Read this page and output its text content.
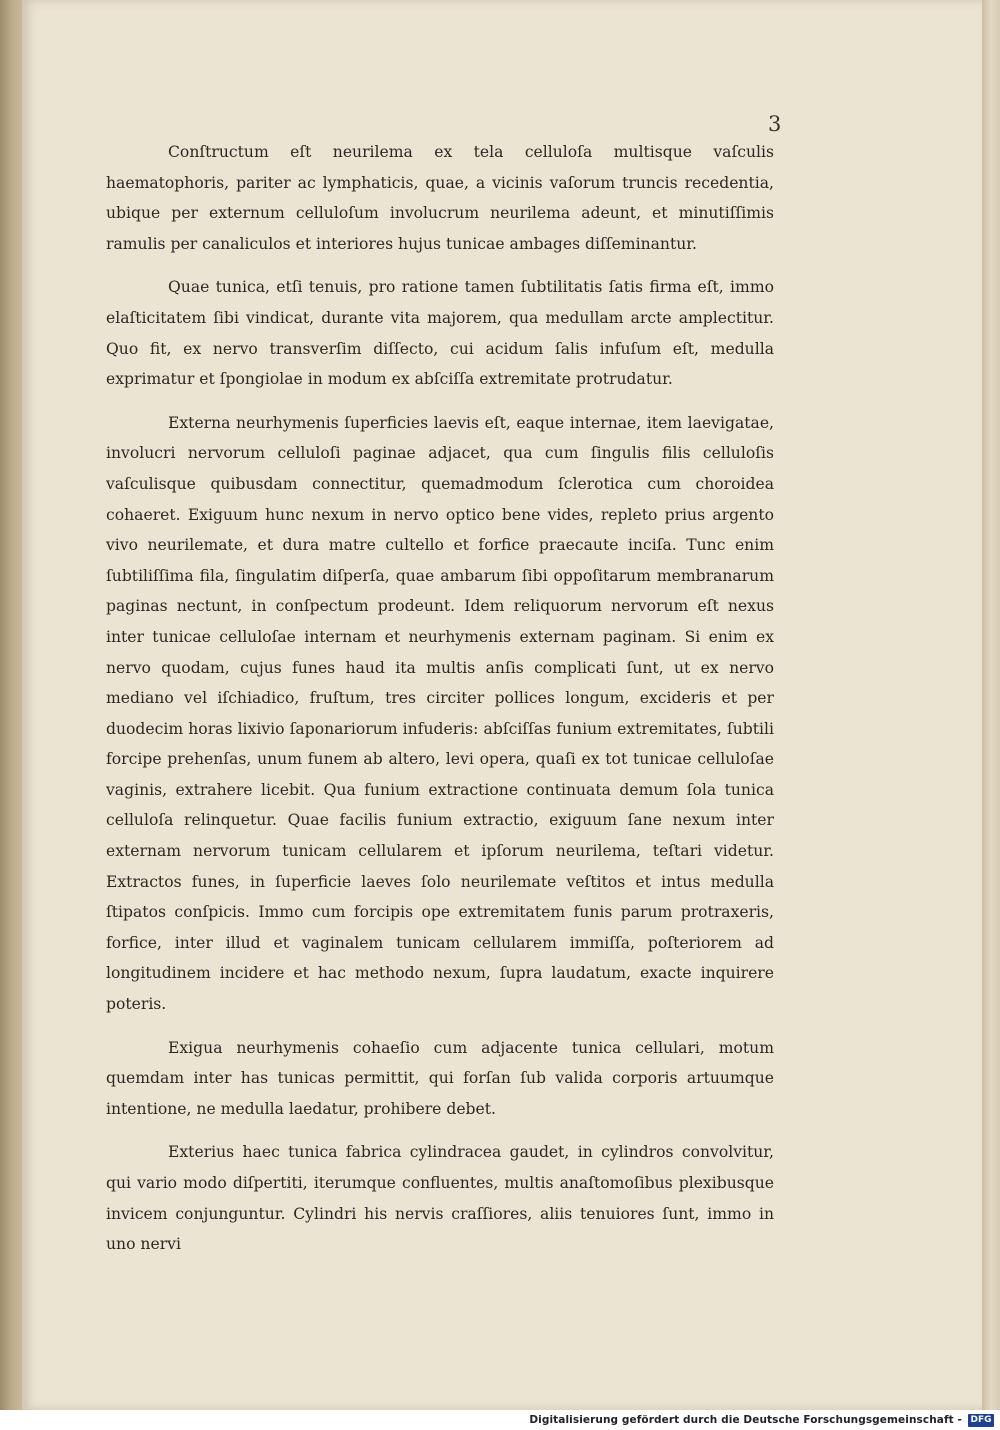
3

Conſtructum eſt neurilema ex tela celluloſa multisque vaſculis haematophoris, pariter ac lymphaticis, quae, a vicinis vaſorum truncis recedentia, ubique per externum celluloſum involucrum neurilema adeunt, et minutiſſimis ramulis per canaliculos et interiores hujus tunicae ambages diſſeminantur.

Quae tunica, etſi tenuis, pro ratione tamen ſubtilitatis ſatis firma eſt, immo elaſticitatem ſibi vindicat, durante vita majorem, qua medullam arcte amplectitur. Quo fit, ex nervo transverſim diſſecto, cui acidum ſalis infuſum eſt, medulla exprimatur et ſpongiolae in modum ex abſciſſa extremitate protrudatur.

Externa neurhymenis ſuperficies laevis eſt, eaque internae, item laevigatae, involucri nervorum celluloſi paginae adjacet, qua cum ſingulis filis celluloſis vaſculisque quibusdam connectitur, quemadmodum ſclerotica cum choroidea cohaeret. Exiguum hunc nexum in nervo optico bene vides, repleto prius argento vivo neurilemate, et dura matre cultello et forfice praecaute inciſa. Tunc enim ſubtiliſſima fila, ſingulatim diſperſa, quae ambarum ſibi oppoſitarum membranarum paginas nectunt, in conſpectum prodeunt. Idem reliquorum nervorum eſt nexus inter tunicae celluloſae internam et neurhymenis externam paginam. Si enim ex nervo quodam, cujus funes haud ita multis anſis complicati ſunt, ut ex nervo mediano vel iſchiadico, fruſtum, tres circiter pollices longum, excideris et per duodecim horas lixivio ſaponariorum infuderis: abſciſſas funium extremitates, ſubtili forcipe prehenſas, unum funem ab altero, levi opera, quaſi ex tot tunicae celluloſae vaginis, extrahere licebit. Qua funium extractione continuata demum ſola tunica celluloſa relinquetur. Quae facilis funium extractio, exiguum ſane nexum inter externam nervorum tunicam cellularem et ipſorum neurilema, teſtari videtur. Extractos funes, in ſuperficie laeves ſolo neurilemate veſtitos et intus medulla ſtipatos conſpicis. Immo cum forcipis ope extremitatem funis parum protraxeris, forfice, inter illud et vaginalem tunicam cellularem immiſſa, poſteriorem ad longitudinem incidere et hac methodo nexum, ſupra laudatum, exacte inquirere poteris.

Exigua neurhymenis cohaeſio cum adjacente tunica cellulari, motum quemdam inter has tunicas permittit, qui forſan ſub valida corporis artuumque intentione, ne medulla laedatur, prohibere debet.

Exterius haec tunica fabrica cylindracea gaudet, in cylindros convolvitur, qui vario modo diſpertiti, iterumque confluentes, multis anaſtomoſibus plexibusque invicem conjunguntur. Cylindri his nervis craſſiores, aliis tenuiores ſunt, immo in uno nervi

Digitalisierung gefördert durch die Deutsche Forschungsgemeinschaft - DFG
